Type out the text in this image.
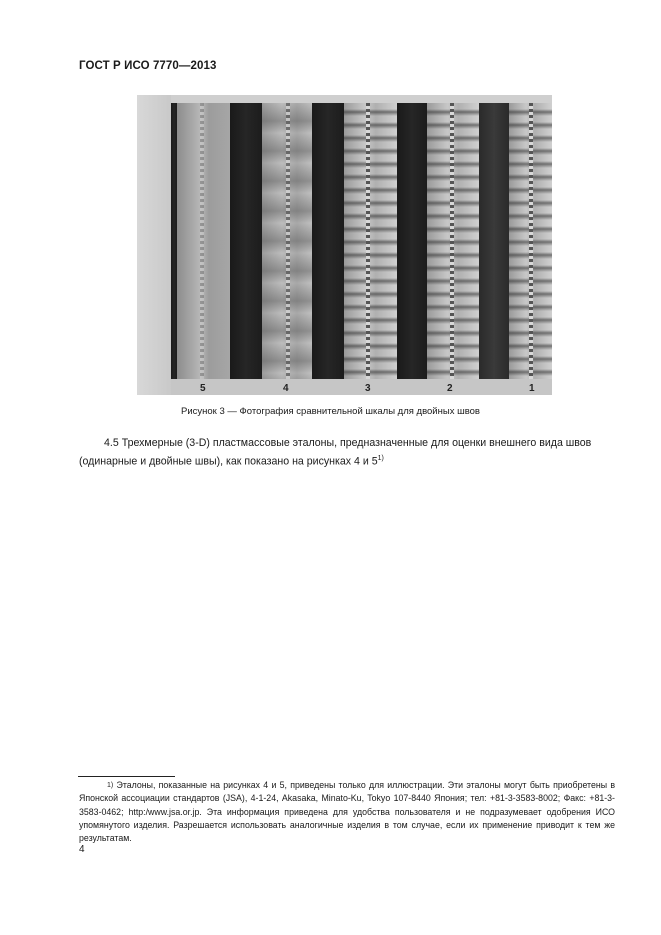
ГОСТ Р ИСО 7770—2013
5	4	3	2	1
Рисунок 3 — Фотография сравнительной шкалы для двойных швов
4.5 Трехмерные (3-D) пластмассовые эталоны, предназначенные для оценки внешнего вида швов
(одинарные и двойные швы), как показано на рисунках 4 и 5$^{1)}$
$^{1)}$ Эталоны, показанные на рисунках 4 и 5, приведены только для иллюстрации. Эти эталоны могут быть приобретены в Японской ассоциации стандартов (JSA), 4-1-24, Akasaka, Minato-Ku, Tokyo 107-8440 Япония; тел: +81-3-3583-8002; Факс: +81-3-3583-0462; http:/www.jsa.or.jp. Эта информация приведена для удобства пользователя и не подразумевает одобрения ИСО упомянутого изделия. Разрешается использовать аналогичные изделия в том случае, если их применение приводит к тем же результатам.
4
